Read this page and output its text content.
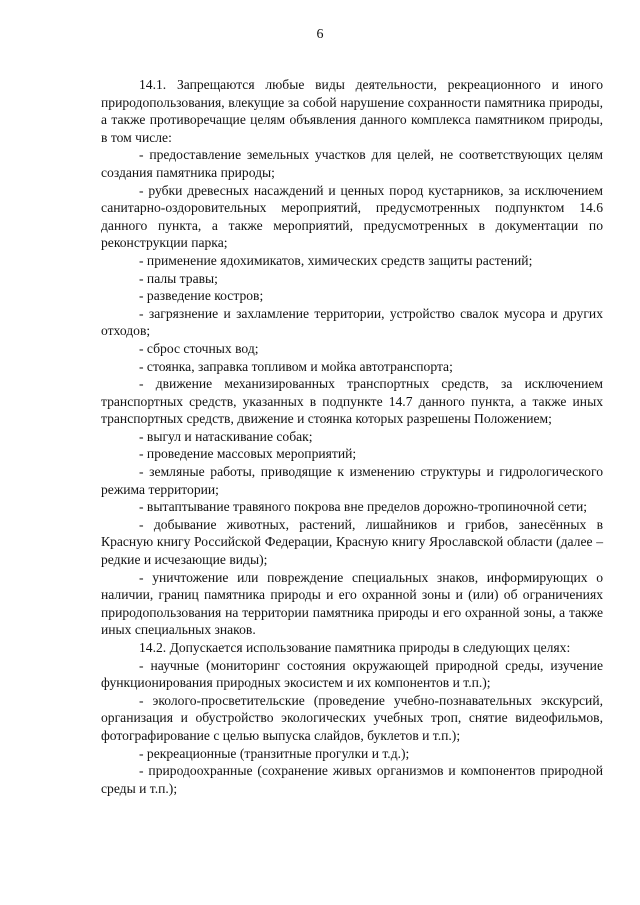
6

14.1. Запрещаются любые виды деятельности, рекреационного и иного природопользования, влекущие за собой нарушение сохранности памятника природы, а также противоречащие целям объявления данного комплекса памятником природы, в том числе:

- предоставление земельных участков для целей, не соответствующих целям создания памятника природы;

- рубки древесных насаждений и ценных пород кустарников, за исключением санитарно-оздоровительных мероприятий, предусмотренных подпунктом 14.6 данного пункта, а также мероприятий, предусмотренных в документации по реконструкции парка;

- применение ядохимикатов, химических средств защиты растений;

- палы травы;

- разведение костров;

- загрязнение и захламление территории, устройство свалок мусора и других отходов;

- сброс сточных вод;

- стоянка, заправка топливом и мойка автотранспорта;

- движение механизированных транспортных средств, за исключением транспортных средств, указанных в подпункте 14.7 данного пункта, а также иных транспортных средств, движение и стоянка которых разрешены Положением;

- выгул и натаскивание собак;

- проведение массовых мероприятий;

- земляные работы, приводящие к изменению структуры и гидрологического режима территории;

- вытаптывание травяного покрова вне пределов дорожно-тропиночной сети;

- добывание животных, растений, лишайников и грибов, занесённых в Красную книгу Российской Федерации, Красную книгу Ярославской области (далее – редкие и исчезающие виды);

- уничтожение или повреждение специальных знаков, информирующих о наличии, границ памятника природы и его охранной зоны и (или) об ограничениях природопользования на территории памятника природы и его охранной зоны, а также иных специальных знаков.

14.2. Допускается использование памятника природы в следующих целях:

- научные (мониторинг состояния окружающей природной среды, изучение функционирования природных экосистем и их компонентов и т.п.);

- эколого-просветительские (проведение учебно-познавательных экскурсий, организация и обустройство экологических учебных троп, снятие видеофильмов, фотографирование с целью выпуска слайдов, буклетов и т.п.);

- рекреационные (транзитные прогулки и т.д.);

- природоохранные (сохранение живых организмов и компонентов природной среды и т.п.);
